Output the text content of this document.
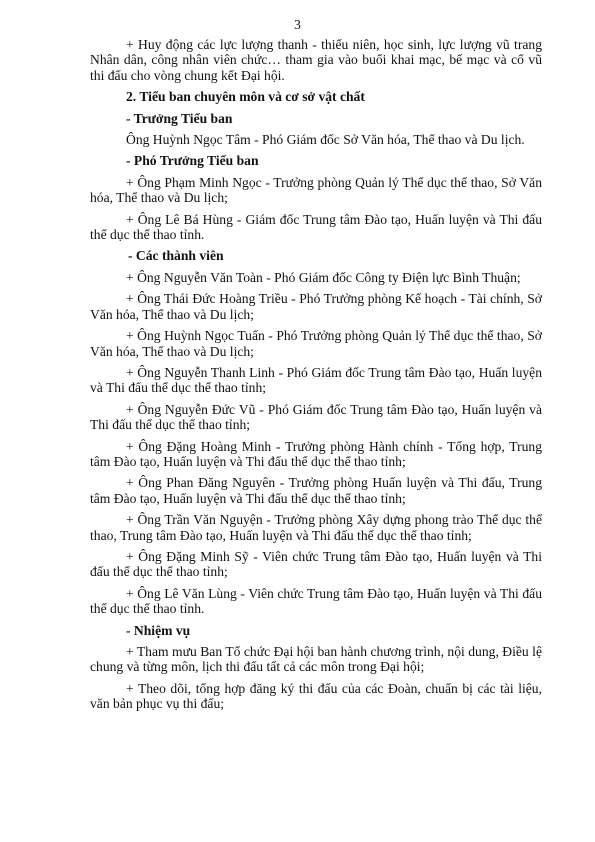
3

+ Huy động các lực lượng thanh - thiếu niên, học sinh, lực lượng vũ trang Nhân dân, công nhân viên chức… tham gia vào buổi khai mạc, bế mạc và cổ vũ thi đấu cho vòng chung kết Đại hội.

2. Tiểu ban chuyên môn và cơ sở vật chất

- Trưởng Tiểu ban

Ông Huỳnh Ngọc Tâm - Phó Giám đốc Sở Văn hóa, Thể thao và Du lịch.

- Phó Trưởng Tiểu ban

+ Ông Phạm Minh Ngọc - Trưởng phòng Quản lý Thể dục thể thao, Sở Văn hóa, Thể thao và Du lịch;

+ Ông Lê Bá Hùng - Giám đốc Trung tâm Đào tạo, Huấn luyện và Thi đấu thể dục thể thao tỉnh.

- Các thành viên

+ Ông Nguyễn Văn Toàn - Phó Giám đốc Công ty Điện lực Bình Thuận;

+ Ông Thái Đức Hoàng Triều - Phó Trưởng phòng Kế hoạch - Tài chính, Sở Văn hóa, Thể thao và Du lịch;

+ Ông Huỳnh Ngọc Tuấn - Phó Trưởng phòng Quản lý Thể dục thể thao, Sở Văn hóa, Thể thao và Du lịch;

+ Ông Nguyễn Thanh Linh - Phó Giám đốc Trung tâm Đào tạo, Huấn luyện và Thi đấu thể dục thể thao tỉnh;

+ Ông Nguyễn Đức Vũ - Phó Giám đốc Trung tâm Đào tạo, Huấn luyện và Thi đấu thể dục thể thao tỉnh;

+ Ông Đặng Hoàng Minh - Trưởng phòng Hành chính - Tổng hợp, Trung tâm Đào tạo, Huấn luyện và Thi đấu thể dục thể thao tỉnh;

+ Ông Phan Đăng Nguyên - Trưởng phòng Huấn luyện và Thi đấu, Trung tâm Đào tạo, Huấn luyện và Thi đấu thể dục thể thao tỉnh;

+ Ông Trần Văn Nguyện - Trưởng phòng Xây dựng phong trào Thể dục thể thao, Trung tâm Đào tạo, Huấn luyện và Thi đấu thể dục thể thao tỉnh;

+ Ông Đặng Minh Sỹ - Viên chức Trung tâm Đào tạo, Huấn luyện và Thi đấu thể dục thể thao tỉnh;

+ Ông Lê Văn Lùng - Viên chức Trung tâm Đào tạo, Huấn luyện và Thi đấu thể dục thể thao tỉnh.

- Nhiệm vụ

+ Tham mưu Ban Tổ chức Đại hội ban hành chương trình, nội dung, Điều lệ chung và từng môn, lịch thi đấu tất cả các môn trong Đại hội;

+ Theo dõi, tổng hợp đăng ký thi đấu của các Đoàn, chuẩn bị các tài liệu, văn bản phục vụ thi đấu;
